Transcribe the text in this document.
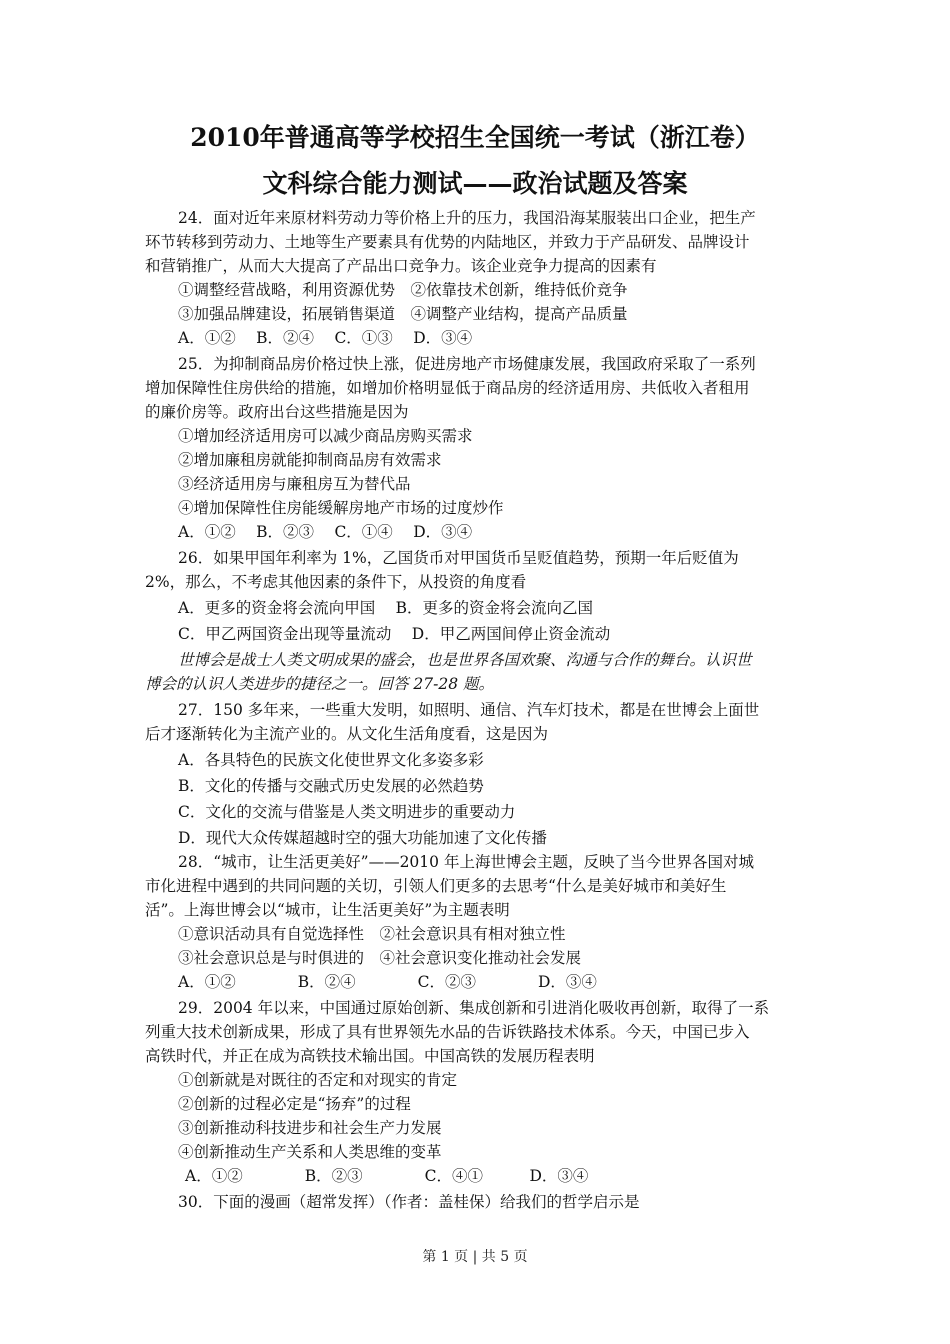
2010年普通高等学校招生全国统一考试（浙江卷）
文科综合能力测试——政治试题及答案
24．面对近年来原材料劳动力等价格上升的压力，我国沿海某服装出口企业，把生产
环节转移到劳动力、土地等生产要素具有优势的内陆地区，并致力于产品研发、品牌设计
和营销推广，从而大大提高了产品出口竞争力。该企业竞争力提高的因素有
①调整经营战略，利用资源优势　②依靠技术创新，维持低价竞争
③加强品牌建设，拓展销售渠道　④调整产业结构，提高产品质量
A．①②　 B．②④　 C．①③　 D．③④
25．为抑制商品房价格过快上涨，促进房地产市场健康发展，我国政府采取了一系列
增加保障性住房供给的措施，如增加价格明显低于商品房的经济适用房、共低收入者租用
的廉价房等。政府出台这些措施是因为
①增加经济适用房可以减少商品房购买需求
②增加廉租房就能抑制商品房有效需求
③经济适用房与廉租房互为替代品
④增加保障性住房能缓解房地产市场的过度炒作
A．①②　 B．②③　 C．①④　 D．③④
26．如果甲国年利率为 1%，乙国货币对甲国货币呈贬值趋势，预期一年后贬值为
2%，那么，不考虑其他因素的条件下，从投资的角度看
A．更多的资金将会流向甲国　 B．更多的资金将会流向乙国
C．甲乙两国资金出现等量流动　 D．甲乙两国间停止资金流动
世博会是战士人类文明成果的盛会，也是世界各国欢聚、沟通与合作的舞台。认识世
博会的认识人类进步的捷径之一。回答 27-28 题。
27．150 多年来，一些重大发明，如照明、通信、汽车灯技术，都是在世博会上面世
后才逐渐转化为主流产业的。从文化生活角度看，这是因为
A．各具特色的民族文化使世界文化多姿多彩
B．文化的传播与交融式历史发展的必然趋势
C．文化的交流与借鉴是人类文明进步的重要动力
D．现代大众传媒超越时空的强大功能加速了文化传播
28．“城市，让生活更美好”——2010 年上海世博会主题，反映了当今世界各国对城
市化进程中遇到的共同问题的关切，引领人们更多的去思考“什么是美好城市和美好生
活”。上海世博会以“城市，让生活更美好”为主题表明
①意识活动具有自觉选择性　②社会意识具有相对独立性
③社会意识总是与时俱进的　④社会意识变化推动社会发展
A．①②　　　　B．②④　　　　C．②③　　　　D．③④
29．2004 年以来，中国通过原始创新、集成创新和引进消化吸收再创新，取得了一系
列重大技术创新成果，形成了具有世界领先水品的告诉铁路技术体系。今天，中国已步入
高铁时代，并正在成为高铁技术输出国。中国高铁的发展历程表明
①创新就是对既往的否定和对现实的肯定
②创新的过程必定是“扬弃”的过程
③创新推动科技进步和社会生产力发展
④创新推动生产关系和人类思维的变革
A．①②　　　　B．②③　　　　C．④①　　　D．③④
30．下面的漫画（超常发挥）（作者：盖桂保）给我们的哲学启示是
第 1 页 | 共 5 页
